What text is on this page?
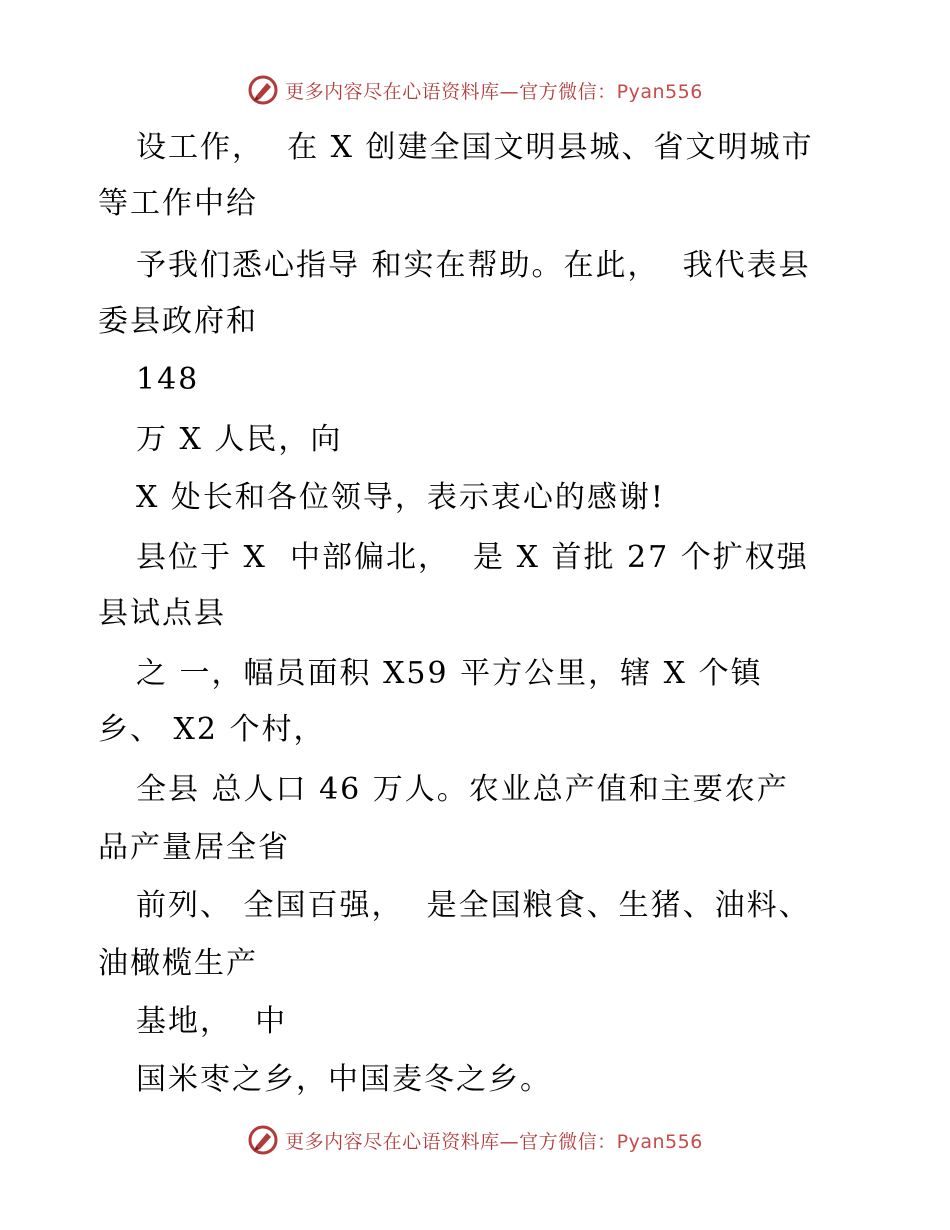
更多内容尽在心语资料库—官方微信：Pyan556
设工作，  在 X 创建全国文明县城、省文明城市
等工作中给
予我们悉心指导 和实在帮助。在此，  我代表县
委县政府和
148
万 X 人民，向
X 处长和各位领导，表示衷心的感谢!
县位于 X  中部偏北，  是 X 首批 27 个扩权强
县试点县
之 一，幅员面积 X59 平方公里，辖 X 个镇
乡、 X2 个村，
全县 总人口 46 万人。农业总产值和主要农产
品产量居全省
前列、 全国百强，  是全国粮食、生猪、油料、
油橄榄生产
基地，  中
国米枣之乡，中国麦冬之乡。
更多内容尽在心语资料库—官方微信：Pyan556
